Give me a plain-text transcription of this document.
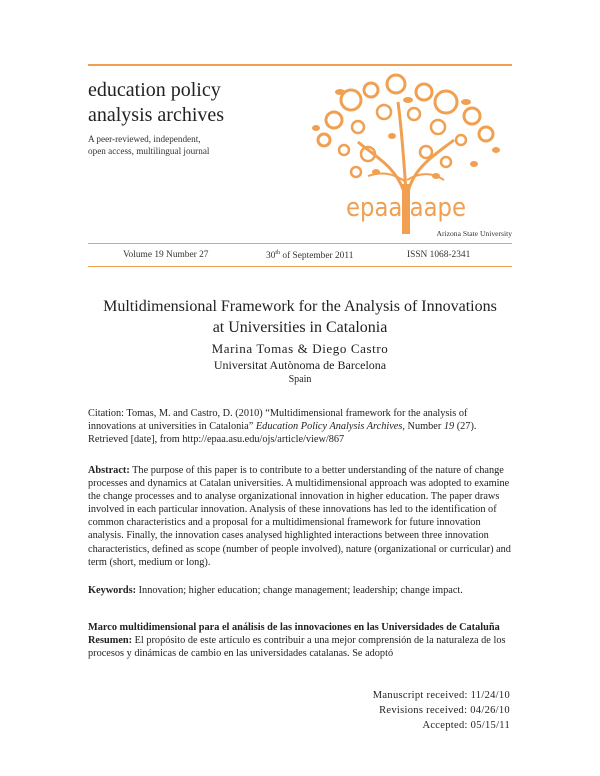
education policy
analysis archives
A peer-reviewed, independent,
open access, multilingual journal
epaa aape
Arizona State University
Volume 19 Number 27	30th of September 2011	ISSN 1068-2341
Multidimensional Framework for the Analysis of Innovations
at Universities in Catalonia
Marina Tomas & Diego Castro
Universitat Autònoma de Barcelona
Spain
Citation: Tomas, M. and Castro, D. (2010) “Multidimensional framework for the analysis of innovations at universities in Catalonia” Education Policy Analysis Archives, Number 19 (27). Retrieved [date], from http://epaa.asu.edu/ojs/article/view/867
Abstract: The purpose of this paper is to contribute to a better understanding of the nature of change processes and dynamics at Catalan universities. A multidimensional approach was adopted to examine the change processes and to analyse organizational innovation in higher education. The paper draws involved in each particular innovation. Analysis of these innovations has led to the identification of common characteristics and a proposal for a multidimensional framework for future innovation analysis. Finally, the innovation cases analysed highlighted interactions between three innovation characteristics, defined as scope (number of people involved), nature (organizational or curricular) and term (short, medium or long).
Keywords: Innovation; higher education; change management; leadership; change impact.
Marco multidimensional para el análisis de las innovaciones en las Universidades de Cataluña
Resumen: El propósito de este artículo es contribuir a una mejor comprensión de la naturaleza de los procesos y dinámicas de cambio en las universidades catalanas. Se adoptó
Manuscript received: 11/24/10
Revisions received: 04/26/10
Accepted: 05/15/11
